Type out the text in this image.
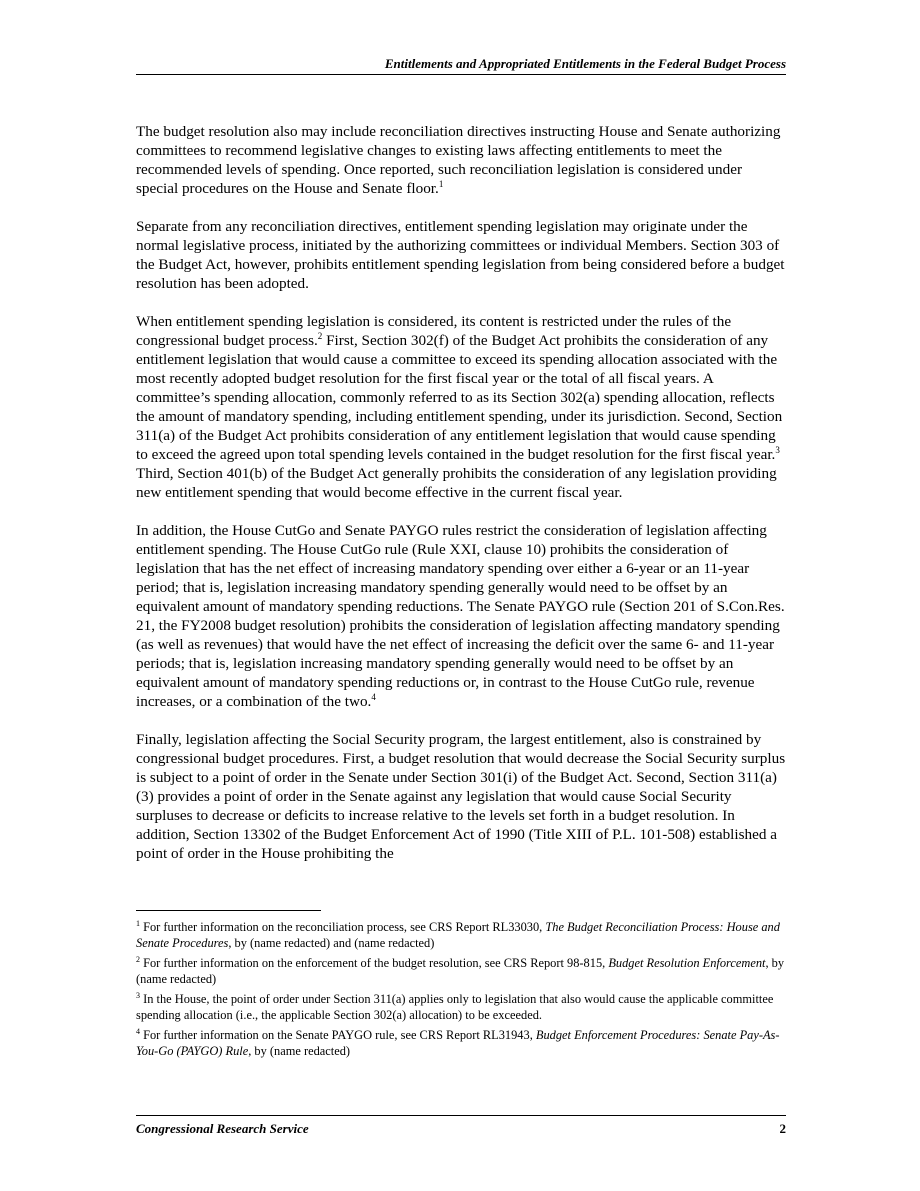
Entitlements and Appropriated Entitlements in the Federal Budget Process

The budget resolution also may include reconciliation directives instructing House and Senate authorizing committees to recommend legislative changes to existing laws affecting entitlements to meet the recommended levels of spending. Once reported, such reconciliation legislation is considered under special procedures on the House and Senate floor.$^1$

Separate from any reconciliation directives, entitlement spending legislation may originate under the normal legislative process, initiated by the authorizing committees or individual Members. Section 303 of the Budget Act, however, prohibits entitlement spending legislation from being considered before a budget resolution has been adopted.

When entitlement spending legislation is considered, its content is restricted under the rules of the congressional budget process.$^2$ First, Section 302(f) of the Budget Act prohibits the consideration of any entitlement legislation that would cause a committee to exceed its spending allocation associated with the most recently adopted budget resolution for the first fiscal year or the total of all fiscal years. A committee’s spending allocation, commonly referred to as its Section 302(a) spending allocation, reflects the amount of mandatory spending, including entitlement spending, under its jurisdiction. Second, Section 311(a) of the Budget Act prohibits consideration of any entitlement legislation that would cause spending to exceed the agreed upon total spending levels contained in the budget resolution for the first fiscal year.$^3$ Third, Section 401(b) of the Budget Act generally prohibits the consideration of any legislation providing new entitlement spending that would become effective in the current fiscal year.

In addition, the House CutGo and Senate PAYGO rules restrict the consideration of legislation affecting entitlement spending. The House CutGo rule (Rule XXI, clause 10) prohibits the consideration of legislation that has the net effect of increasing mandatory spending over either a 6-year or an 11-year period; that is, legislation increasing mandatory spending generally would need to be offset by an equivalent amount of mandatory spending reductions. The Senate PAYGO rule (Section 201 of S.Con.Res. 21, the FY2008 budget resolution) prohibits the consideration of legislation affecting mandatory spending (as well as revenues) that would have the net effect of increasing the deficit over the same 6- and 11-year periods; that is, legislation increasing mandatory spending generally would need to be offset by an equivalent amount of mandatory spending reductions or, in contrast to the House CutGo rule, revenue increases, or a combination of the two.$^4$

Finally, legislation affecting the Social Security program, the largest entitlement, also is constrained by congressional budget procedures. First, a budget resolution that would decrease the Social Security surplus is subject to a point of order in the Senate under Section 301(i) of the Budget Act. Second, Section 311(a)(3) provides a point of order in the Senate against any legislation that would cause Social Security surpluses to decrease or deficits to increase relative to the levels set forth in a budget resolution. In addition, Section 13302 of the Budget Enforcement Act of 1990 (Title XIII of P.L. 101-508) established a point of order in the House prohibiting the

$^1$ For further information on the reconciliation process, see CRS Report RL33030, The Budget Reconciliation Process: House and Senate Procedures, by (name redacted) and (name redacted)
$^2$ For further information on the enforcement of the budget resolution, see CRS Report 98-815, Budget Resolution Enforcement, by (name redacted)
$^3$ In the House, the point of order under Section 311(a) applies only to legislation that also would cause the applicable committee spending allocation (i.e., the applicable Section 302(a) allocation) to be exceeded.
$^4$ For further information on the Senate PAYGO rule, see CRS Report RL31943, Budget Enforcement Procedures: Senate Pay-As-You-Go (PAYGO) Rule, by (name redacted)
Congressional Research Service	2
